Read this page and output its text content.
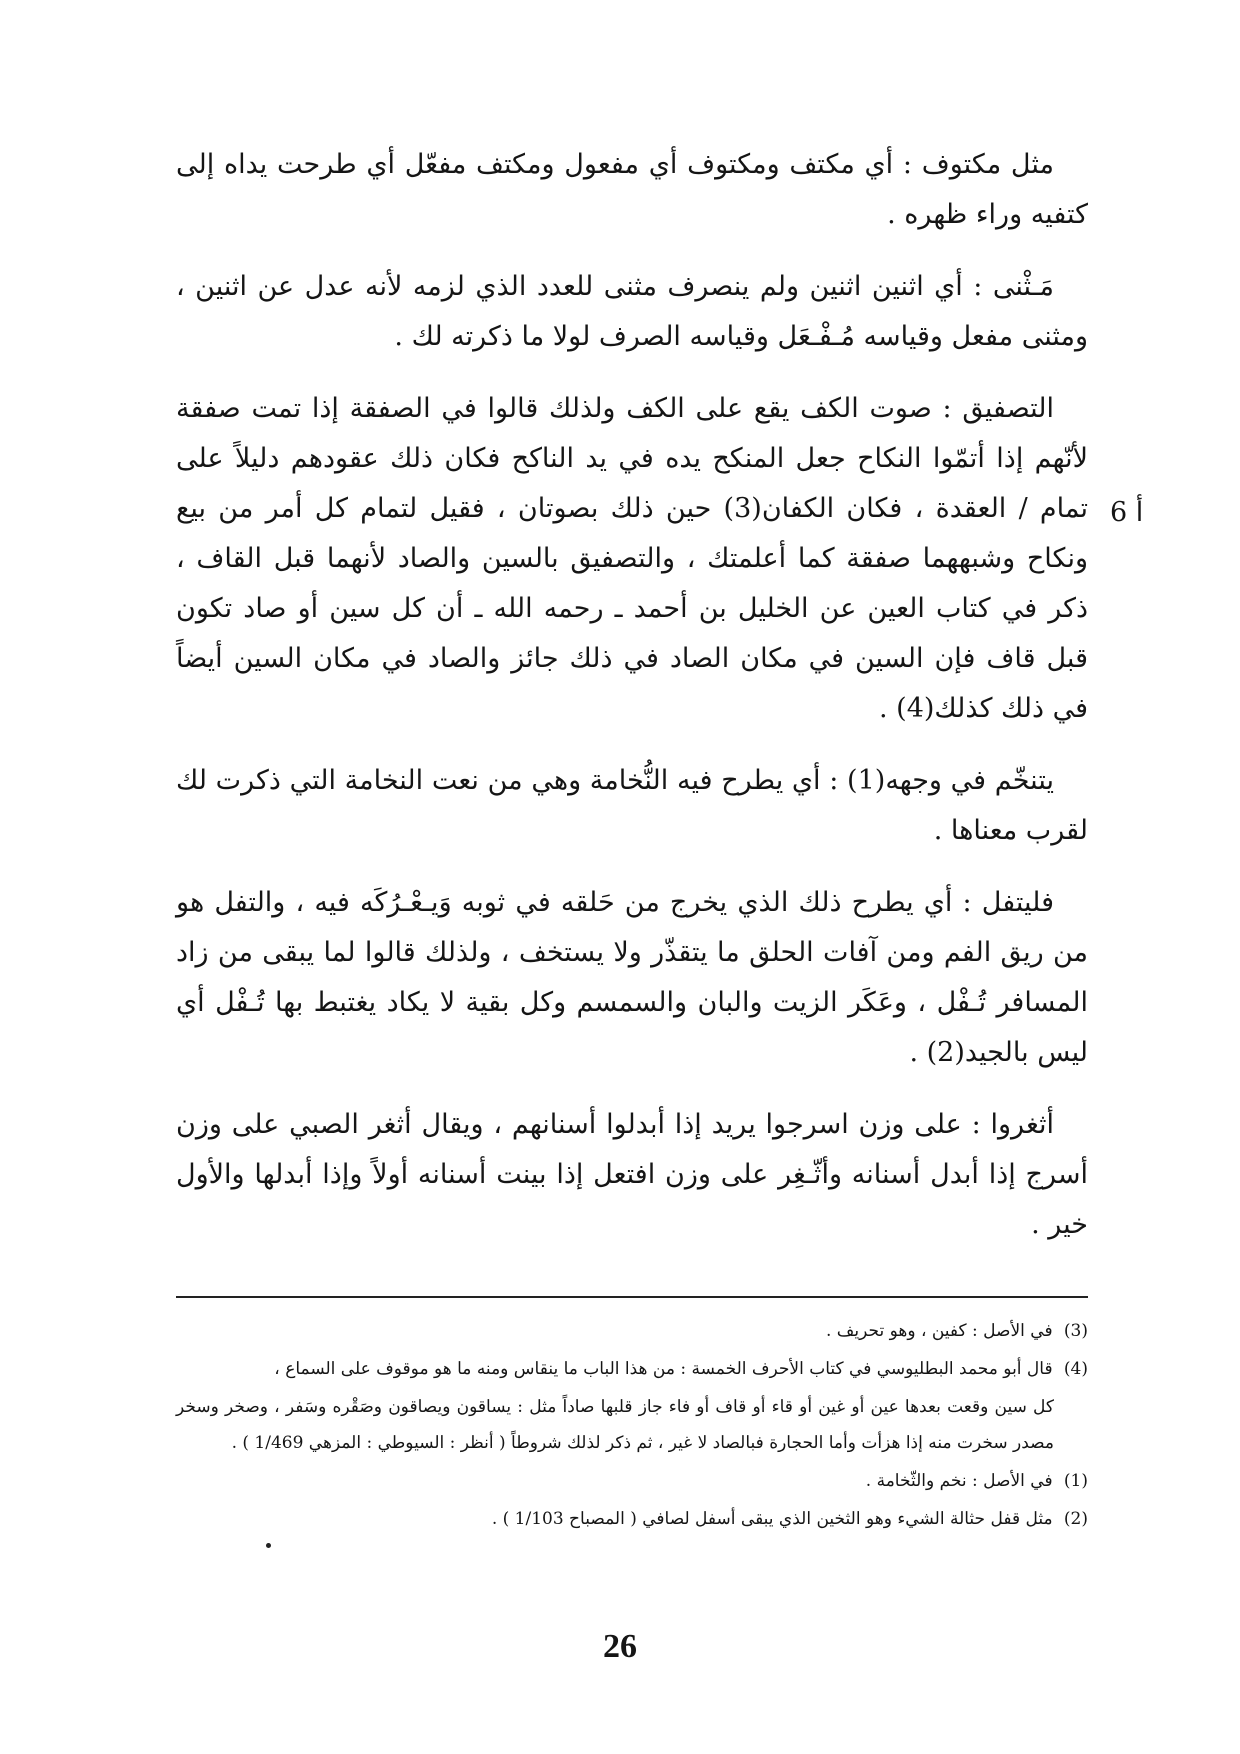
مثل مكتوف : أي مكتف ومكتوف أي مفعول ومكتف مفعّل أي طرحت يداه إلى كتفيه وراء ظهره .

مَـثْنى : أي اثنين اثنين ولم ينصرف مثنى للعدد الذي لزمه لأنه عدل عن اثنين ، ومثنى مفعل وقياسه مُـفْـعَل وقياسه الصرف لولا ما ذكرته لك .

التصفيق : صوت الكف يقع على الكف ولذلك قالوا في الصفقة إذا تمت صفقة لأنّهم إذا أتمّوا النكاح جعل المنكح يده في يد الناكح فكان ذلك عقودهم دليلاً على تمام / العقدة ، فكان الكفان(3) حين ذلك بصوتان ، فقيل لتمام كل أمر من بيع ونكاح وشبههما صفقة كما أعلمتك ، والتصفيق بالسين والصاد لأنهما قبل القاف ، ذكر في كتاب العين عن الخليل بن أحمد ـ رحمه الله ـ أن كل سين أو صاد تكون قبل قاف فإن السين في مكان الصاد في ذلك جائز والصاد في مكان السين أيضاً في ذلك كذلك(4) .

يتنخّم في وجهه(1) : أي يطرح فيه النُّخامة وهي من نعت النخامة التي ذكرت لك لقرب معناها .

فليتفل : أي يطرح ذلك الذي يخرج من حَلقه في ثوبه وَيـعْـرُكَه فيه ، والتفل هو من ريق الفم ومن آفات الحلق ما يتقذّر ولا يستخف ، ولذلك قالوا لما يبقى من زاد المسافر تُـفْل ، وعَكَر الزيت والبان والسمسم وكل بقية لا يكاد يغتبط بها تُـفْل أي ليس بالجيد(2) .

أثغروا : على وزن اسرجوا يريد إذا أبدلوا أسنانهم ، ويقال أثغر الصبي على وزن أسرج إذا أبدل أسنانه وأثّـغِر على وزن افتعل إذا بينت أسنانه أولاً وإذا أبدلها والأول خير .

6 أ

(3) في الأصل : كفين ، وهو تحريف .

(4) قال أبو محمد البطليوسي في كتاب الأحرف الخمسة : من هذا الباب ما ينقاس ومنه ما هو موقوف على السماع ،

كل سين وقعت بعدها عين أو غين أو قاء أو قاف أو فاء جاز قلبها صاداً مثل : يساقون ويصاقون وصَقْره وسَفر ، وصخر وسخر مصدر سخرت منه إذا هزأت وأما الحجارة فبالصاد لا غير ، ثم ذكر لذلك شروطاً ( أنظر : السيوطي : المزهي 1/469 ) .

(1) في الأصل : نخم والثّخامة .

(2) مثل قفل حثالة الشيء وهو الثخين الذي يبقى أسفل لصافي ( المصباح 1/103 ) .

26
